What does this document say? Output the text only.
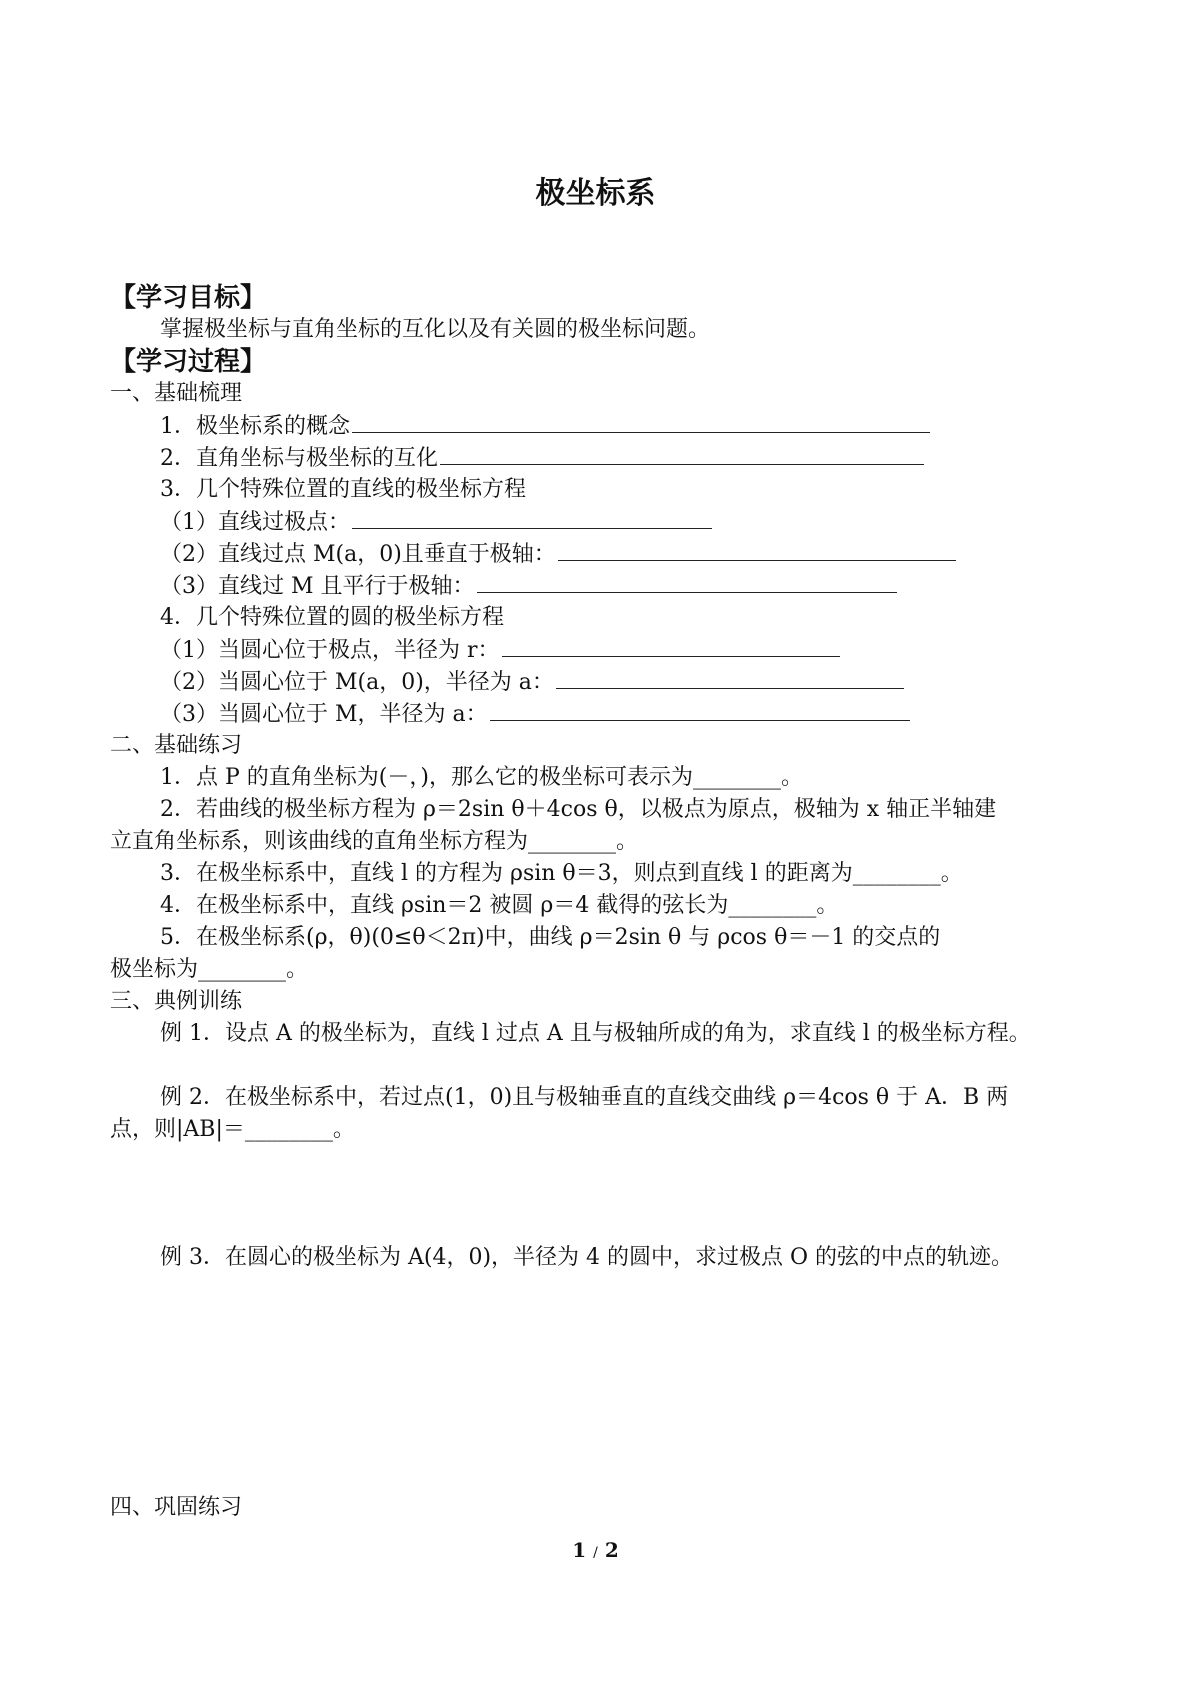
极坐标系
【学习目标】
掌握极坐标与直角坐标的互化以及有关圆的极坐标问题。
【学习过程】
一、基础梳理
1．极坐标系的概念
2．直角坐标与极坐标的互化
3．几个特殊位置的直线的极坐标方程
（1）直线过极点：
（2）直线过点 M(a，0)且垂直于极轴：
（3）直线过 M 且平行于极轴：
4．几个特殊位置的圆的极坐标方程
（1）当圆心位于极点，半径为 r：
（2）当圆心位于 M(a，0)，半径为 a：
（3）当圆心位于 M，半径为 a：
二、基础练习
1．点 P 的直角坐标为(－，)，那么它的极坐标可表示为________。
2．若曲线的极坐标方程为 ρ＝2sin θ＋4cos θ，以极点为原点，极轴为 x 轴正半轴建
立直角坐标系，则该曲线的直角坐标方程为________。
3．在极坐标系中，直线 l 的方程为 ρsin θ＝3，则点到直线 l 的距离为________。
4．在极坐标系中，直线 ρsin＝2 被圆 ρ＝4 截得的弦长为________。
5．在极坐标系(ρ，θ)(0≤θ＜2π)中，曲线 ρ＝2sin θ 与 ρcos θ＝－1 的交点的
极坐标为________。
三、典例训练
例 1．设点 A 的极坐标为，直线 l 过点 A 且与极轴所成的角为，求直线 l 的极坐标方程。
例 2．在极坐标系中，若过点(1，0)且与极轴垂直的直线交曲线 ρ＝4cos θ 于 A．B 两
点，则|AB|＝________。
例 3．在圆心的极坐标为 A(4，0)，半径为 4 的圆中，求过极点 O 的弦的中点的轨迹。
四、巩固练习
1 / 2
